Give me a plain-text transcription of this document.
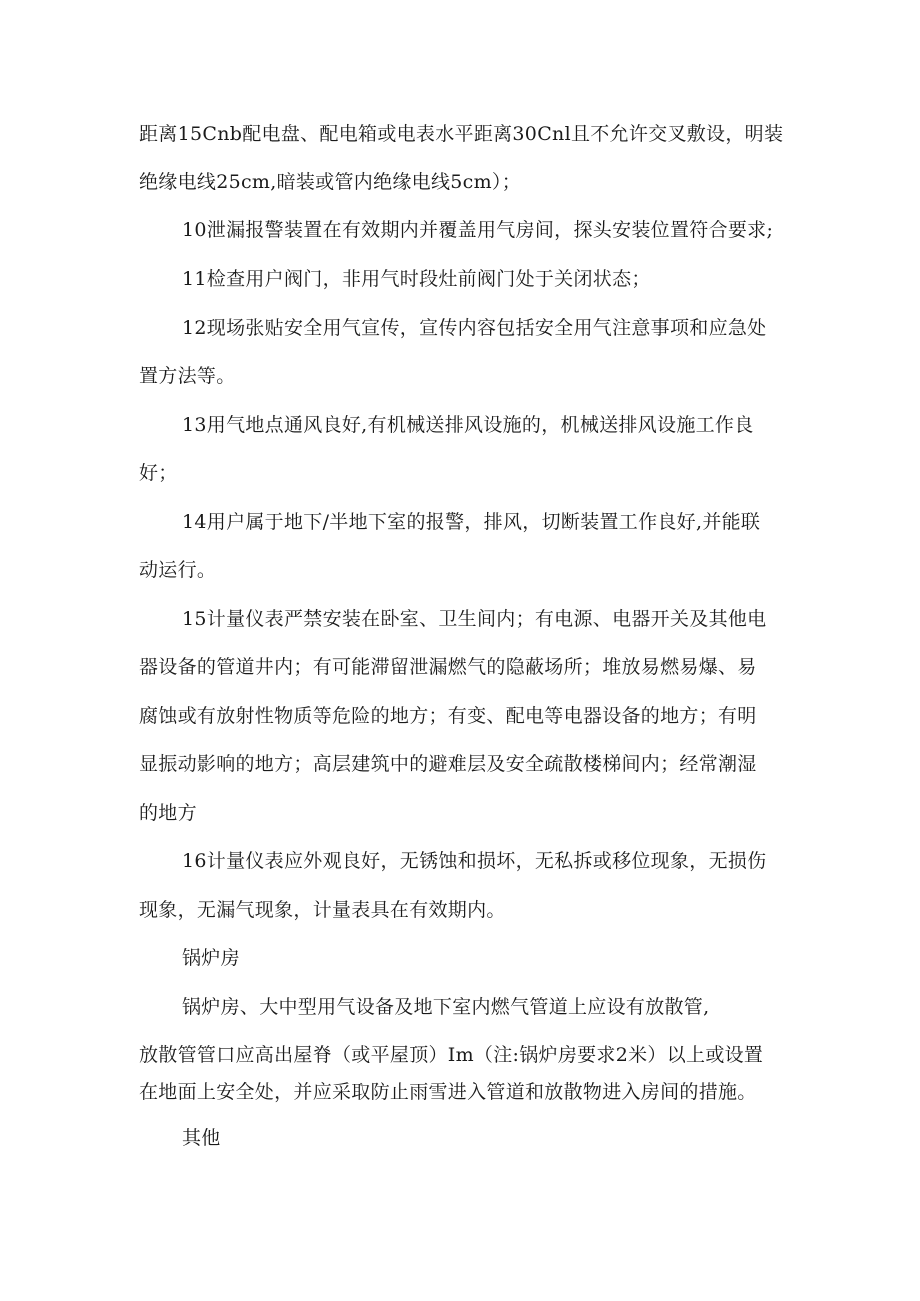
距离15Cnb配电盘、配电箱或电表水平距离30Cnl且不允许交叉敷设，明装
绝缘电线25cm,暗装或管内绝缘电线5cm）；
10泄漏报警装置在有效期内并覆盖用气房间，探头安装位置符合要求;
11检查用户阀门，非用气时段灶前阀门处于关闭状态；
12现场张贴安全用气宣传，宣传内容包括安全用气注意事项和应急处
置方法等。
13用气地点通风良好,有机械送排风设施的，机械送排风设施工作良
好；
14用户属于地下/半地下室的报警，排风，切断装置工作良好,并能联
动运行。
15计量仪表严禁安装在卧室、卫生间内；有电源、电器开关及其他电
器设备的管道井内；有可能滞留泄漏燃气的隐蔽场所；堆放易燃易爆、易
腐蚀或有放射性物质等危险的地方；有变、配电等电器设备的地方；有明
显振动影响的地方；高层建筑中的避难层及安全疏散楼梯间内；经常潮湿
的地方
16计量仪表应外观良好，无锈蚀和损坏，无私拆或移位现象，无损伤
现象，无漏气现象，计量表具在有效期内。
锅炉房
锅炉房、大中型用气设备及地下室内燃气管道上应设有放散管,
放散管管口应高出屋脊（或平屋顶）Im（注:锅炉房要求2米）以上或设置
在地面上安全处，并应采取防止雨雪进入管道和放散物进入房间的措施。
其他
